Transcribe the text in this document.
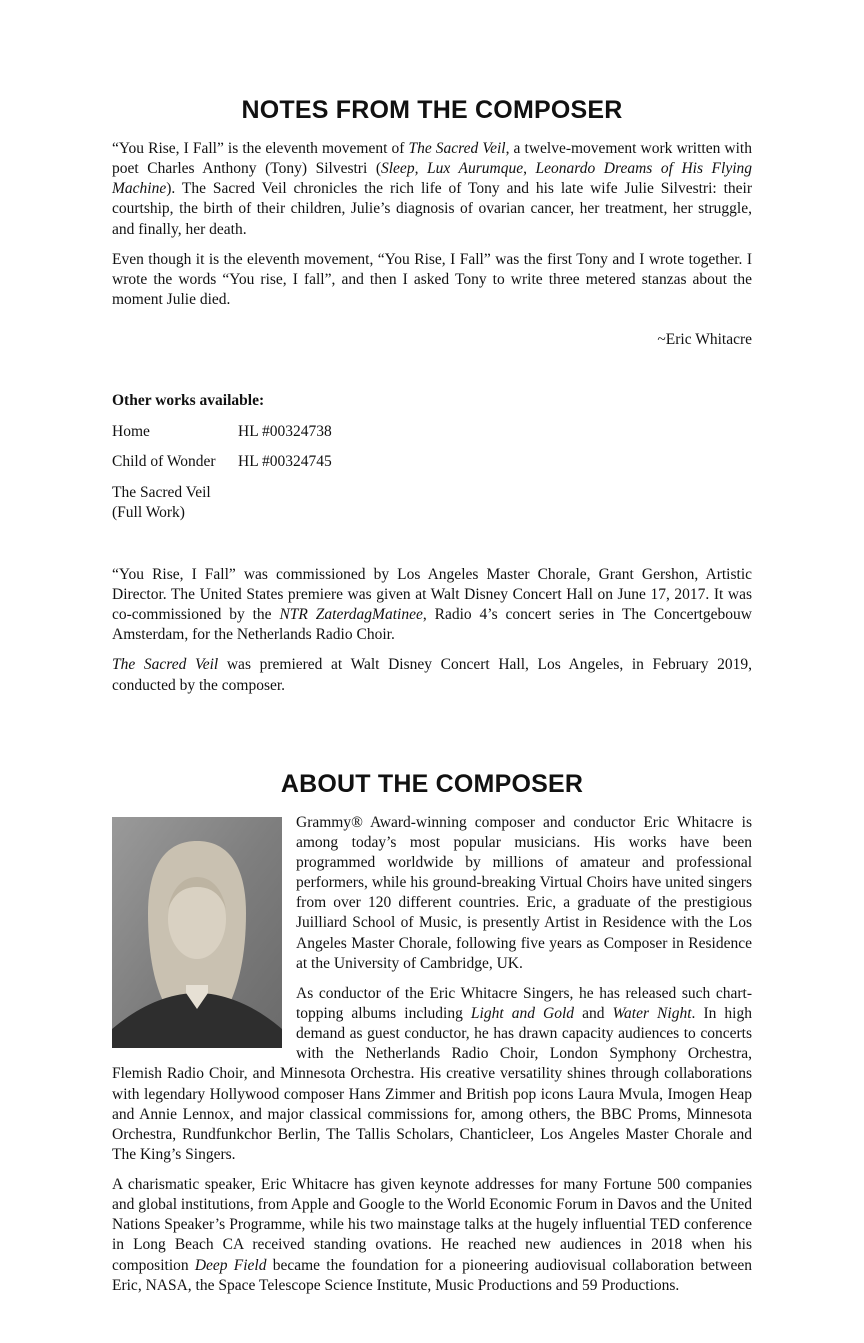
NOTES FROM THE COMPOSER

“You Rise, I Fall” is the eleventh movement of The Sacred Veil, a twelve-movement work written with poet Charles Anthony (Tony) Silvestri (Sleep, Lux Aurumque, Leonardo Dreams of His Flying Machine). The Sacred Veil chronicles the rich life of Tony and his late wife Julie Silvestri: their courtship, the birth of their children, Julie’s diagnosis of ovarian cancer, her treatment, her struggle, and finally, her death.

Even though it is the eleventh movement, “You Rise, I Fall” was the first Tony and I wrote together. I wrote the words “You rise, I fall”, and then I asked Tony to write three metered stanzas about the moment Julie died.

~Eric Whitacre

Other works available:

Home	HL #00324738
Child of Wonder	HL #00324745
The Sacred Veil (Full Work)

“You Rise, I Fall” was commissioned by Los Angeles Master Chorale, Grant Gershon, Artistic Director. The United States premiere was given at Walt Disney Concert Hall on June 17, 2017. It was co-commissioned by the NTR ZaterdagMatinee, Radio 4’s concert series in The Concertgebouw Amsterdam, for the Netherlands Radio Choir.

The Sacred Veil was premiered at Walt Disney Concert Hall, Los Angeles, in February 2019, conducted by the composer.

ABOUT THE COMPOSER

Grammy® Award-winning composer and conductor Eric Whitacre is among today’s most popular musicians. His works have been programmed worldwide by millions of amateur and professional performers, while his ground-breaking Virtual Choirs have united singers from over 120 different countries. Eric, a graduate of the prestigious Juilliard School of Music, is presently Artist in Residence with the Los Angeles Master Chorale, following five years as Composer in Residence at the University of Cambridge, UK.

As conductor of the Eric Whitacre Singers, he has released such chart-topping albums including Light and Gold and Water Night. In high demand as guest conductor, he has drawn capacity audiences to concerts with the Netherlands Radio Choir, London Symphony Orchestra, Flemish Radio Choir, and Minnesota Orchestra. His creative versatility shines through collaborations with legendary Hollywood composer Hans Zimmer and British pop icons Laura Mvula, Imogen Heap and Annie Lennox, and major classical commissions for, among others, the BBC Proms, Minnesota Orchestra, Rundfunkchor Berlin, The Tallis Scholars, Chanticleer, Los Angeles Master Chorale and The King’s Singers.

A charismatic speaker, Eric Whitacre has given keynote addresses for many Fortune 500 companies and global institutions, from Apple and Google to the World Economic Forum in Davos and the United Nations Speaker’s Programme, while his two mainstage talks at the hugely influential TED conference in Long Beach CA received standing ovations. He reached new audiences in 2018 when his composition Deep Field became the foundation for a pioneering audiovisual collaboration between Eric, NASA, the Space Telescope Science Institute, Music Productions and 59 Productions.
